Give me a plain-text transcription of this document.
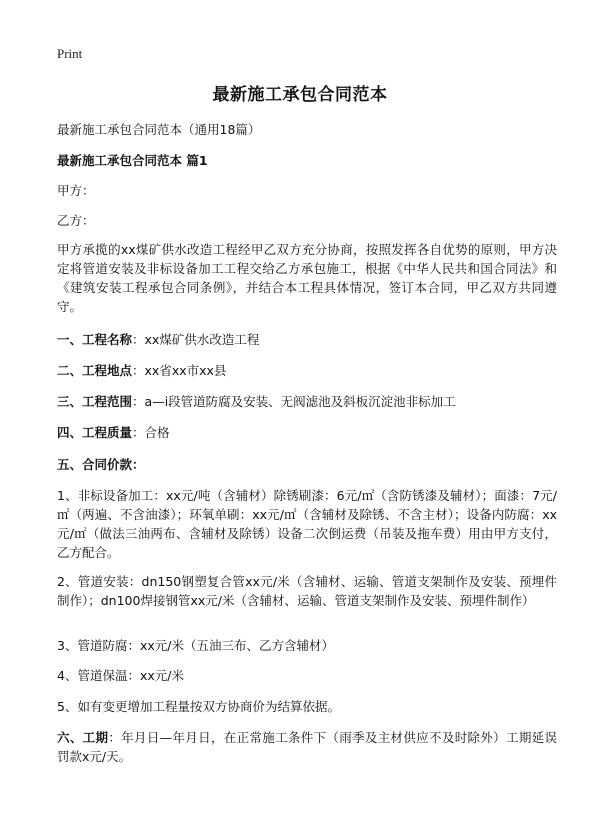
Print
最新施工承包合同范本
最新施工承包合同范本（通用18篇）
最新施工承包合同范本 篇1
甲方：
乙方：
甲方承揽的xx煤矿供水改造工程经甲乙双方充分协商，按照发挥各自优势的原则，甲方决定将管道安装及非标设备加工工程交给乙方承包施工，根据《中华人民共和国合同法》和《建筑安装工程承包合同条例》，并结合本工程具体情况，签订本合同，甲乙双方共同遵守。
一、工程名称：xx煤矿供水改造工程
二、工程地点：xx省xx市xx县
三、工程范围：a—i段管道防腐及安装、无阀滤池及斜板沉淀池非标加工
四、工程质量：合格
五、合同价款：
1、非标设备加工：xx元/吨（含辅材）除锈刷漆：6元/㎡（含防锈漆及辅材）；面漆：7元/㎡（两遍、不含油漆）；环氧单刷：xx元/㎡（含辅材及除锈、不含主材）；设备内防腐：xx元/㎡（做法三油两布、含辅材及除锈）设备二次倒运费（吊装及拖车费）用由甲方支付，乙方配合。
2、管道安装：dn150钢塑复合管xx元/米（含辅材、运输、管道支架制作及安装、预埋件制作）；dn100焊接钢管xx元/米（含辅材、运输、管道支架制作及安装、预埋件制作）
3、管道防腐：xx元/米（五油三布、乙方含辅材）
4、管道保温：xx元/米
5、如有变更增加工程量按双方协商价为结算依据。
六、工期：年月日—年月日，在正常施工条件下（雨季及主材供应不及时除外）工期延误罚款x元/天。
